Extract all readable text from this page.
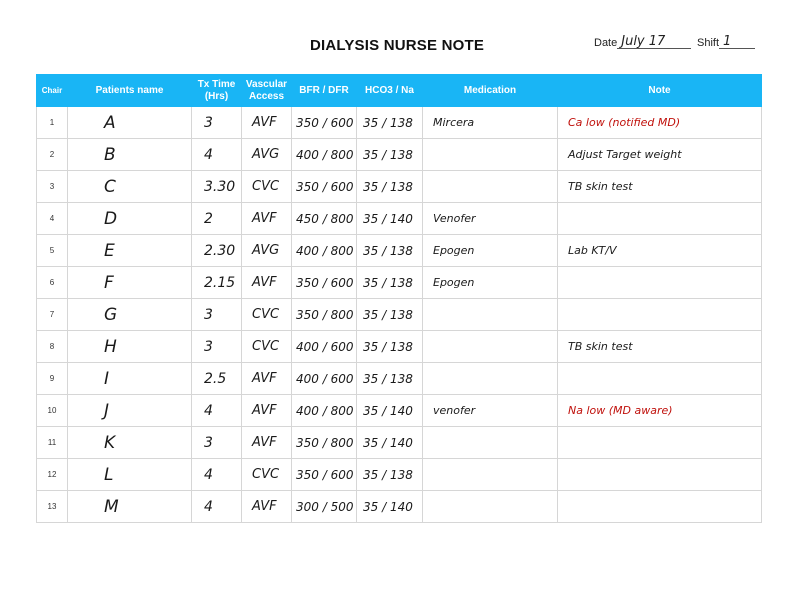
DIALYSIS NURSE NOTE	Date July 17	Shift 1
Chair	Patients name	Tx Time (Hrs)	Vascular Access	BFR / DFR	HCO3 / Na	Medication	Note
1	A	3	AVF	350 / 600	35 / 138	Mircera	Ca low (notified MD)
2	B	4	AVG	400 / 800	35 / 138		Adjust Target weight
3	C	3.30	CVC	350 / 600	35 / 138		TB skin test
4	D	2	AVF	450 / 800	35 / 140	Venofer	
5	E	2.30	AVG	400 / 800	35 / 138	Epogen	Lab KT/V
6	F	2.15	AVF	350 / 600	35 / 138	Epogen	
7	G	3	CVC	350 / 800	35 / 138		
8	H	3	CVC	400 / 600	35 / 138		TB skin test
9	I	2.5	AVF	400 / 600	35 / 138		
10	J	4	AVF	400 / 800	35 / 140	venofer	Na low (MD aware)
11	K	3	AVF	350 / 800	35 / 140		
12	L	4	CVC	350 / 600	35 / 138		
13	M	4	AVF	300 / 500	35 / 140		
